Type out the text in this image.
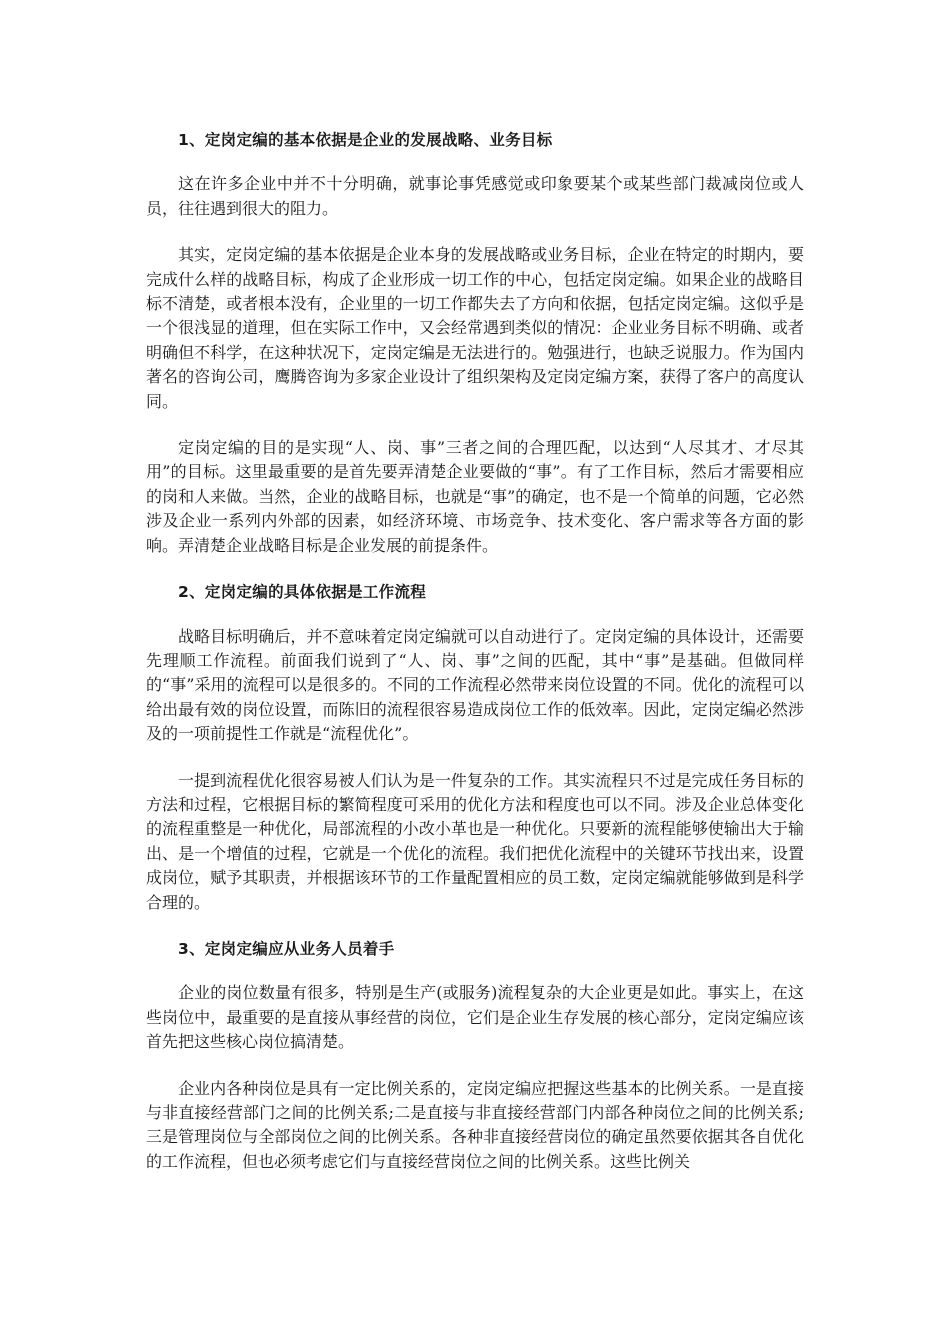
1、定岗定编的基本依据是企业的发展战略、业务目标

这在许多企业中并不十分明确，就事论事凭感觉或印象要某个或某些部门裁减岗位或人员，往往遇到很大的阻力。

其实，定岗定编的基本依据是企业本身的发展战略或业务目标，企业在特定的时期内，要完成什么样的战略目标，构成了企业形成一切工作的中心，包括定岗定编。如果企业的战略目标不清楚，或者根本没有，企业里的一切工作都失去了方向和依据，包括定岗定编。这似乎是一个很浅显的道理，但在实际工作中，又会经常遇到类似的情况：企业业务目标不明确、或者明确但不科学，在这种状况下，定岗定编是无法进行的。勉强进行，也缺乏说服力。作为国内著名的咨询公司，鹰腾咨询为多家企业设计了组织架构及定岗定编方案，获得了客户的高度认同。

定岗定编的目的是实现“人、岗、事”三者之间的合理匹配，以达到“人尽其才、才尽其用”的目标。这里最重要的是首先要弄清楚企业要做的“事”。有了工作目标，然后才需要相应的岗和人来做。当然，企业的战略目标，也就是“事”的确定，也不是一个简单的问题，它必然涉及企业一系列内外部的因素，如经济环境、市场竞争、技术变化、客户需求等各方面的影响。弄清楚企业战略目标是企业发展的前提条件。

2、定岗定编的具体依据是工作流程

战略目标明确后，并不意味着定岗定编就可以自动进行了。定岗定编的具体设计，还需要先理顺工作流程。前面我们说到了“人、岗、事”之间的匹配，其中“事”是基础。但做同样的“事”采用的流程可以是很多的。不同的工作流程必然带来岗位设置的不同。优化的流程可以给出最有效的岗位设置，而陈旧的流程很容易造成岗位工作的低效率。因此，定岗定编必然涉及的一项前提性工作就是“流程优化”。

一提到流程优化很容易被人们认为是一件复杂的工作。其实流程只不过是完成任务目标的方法和过程，它根据目标的繁简程度可采用的优化方法和程度也可以不同。涉及企业总体变化的流程重整是一种优化，局部流程的小改小革也是一种优化。只要新的流程能够使输出大于输出、是一个增值的过程，它就是一个优化的流程。我们把优化流程中的关键环节找出来，设置成岗位，赋予其职责，并根据该环节的工作量配置相应的员工数，定岗定编就能够做到是科学合理的。

3、定岗定编应从业务人员着手

企业的岗位数量有很多，特别是生产(或服务)流程复杂的大企业更是如此。事实上，在这些岗位中，最重要的是直接从事经营的岗位，它们是企业生存发展的核心部分，定岗定编应该首先把这些核心岗位搞清楚。

企业内各种岗位是具有一定比例关系的，定岗定编应把握这些基本的比例关系。一是直接与非直接经营部门之间的比例关系;二是直接与非直接经营部门内部各种岗位之间的比例关系;三是管理岗位与全部岗位之间的比例关系。各种非直接经营岗位的确定虽然要依据其各自优化的工作流程，但也必须考虑它们与直接经营岗位之间的比例关系。这些比例关
